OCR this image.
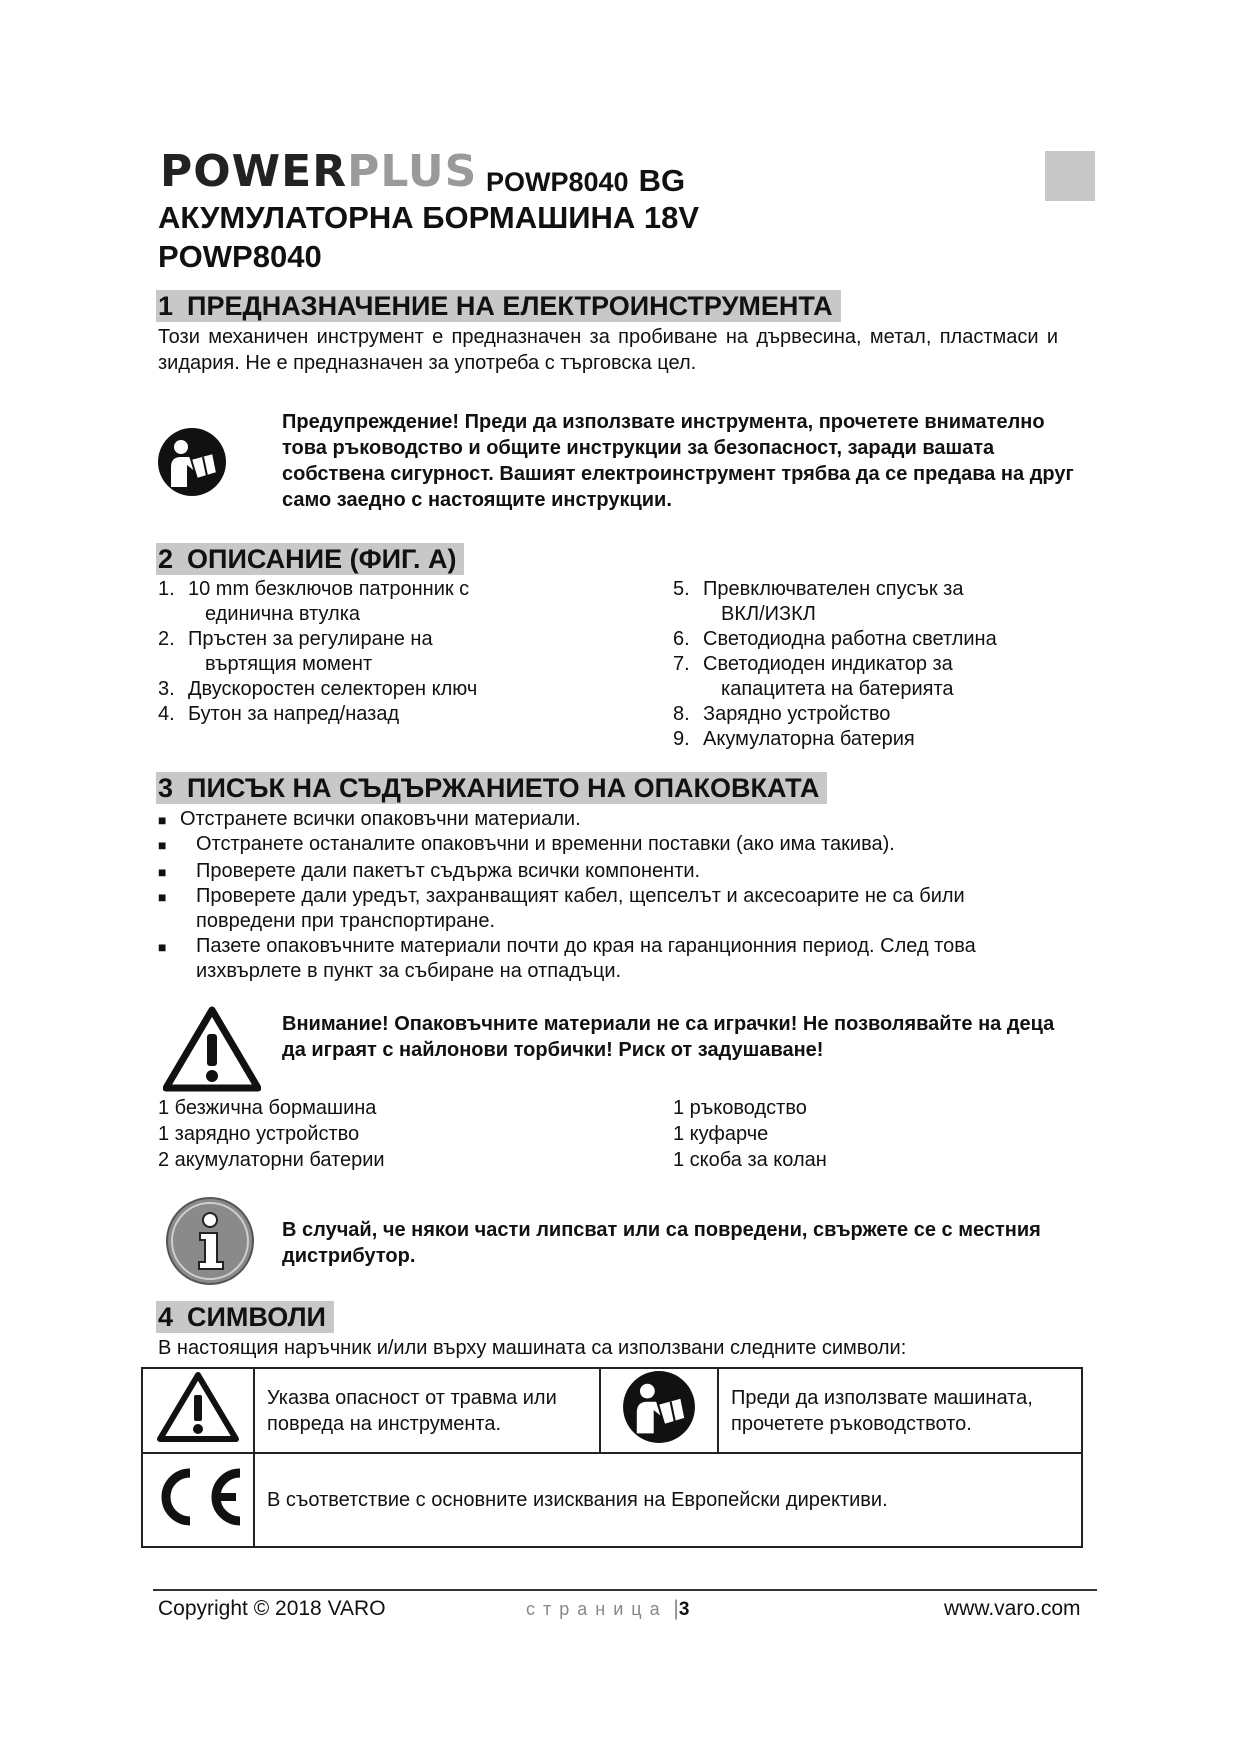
POWERPLUS POWP8040 BG
АКУМУЛАТОРНА БОРМАШИНА 18V
POWP8040
1 ПРЕДНАЗНАЧЕНИЕ НА ЕЛЕКТРОИНСТРУМЕНТА
Този механичен инструмент е предназначен за пробиване на дървесина, метал, пластмаси и зидария. Не е предназначен за употреба с търговска цел.
Предупреждение! Преди да използвате инструмента, прочетете внимателно това ръководство и общите инструкции за безопасност, заради вашата собствена сигурност. Вашият електроинструмент трябва да се предава на друг само заедно с настоящите инструкции.
2 ОПИСАНИЕ (ФИГ. A)
1. 10 mm безключов патронник с
единична втулка
2. Пръстен за регулиране на
въртящия момент
3. Двускоростен селекторен ключ
4. Бутон за напред/назад
5. Превключвателен спусък за
ВКЛ/ИЗКЛ
6. Светодиодна работна светлина
7. Светодиоден индикатор за
капацитета на батерията
8. Зарядно устройство
9. Акумулаторна батерия
3 ПИСЪК НА СЪДЪРЖАНИЕТО НА ОПАКОВКАТА
■ Отстранете всички опаковъчни материали.
■	Отстранете останалите опаковъчни и временни поставки (ако има такива).
■	Проверете дали пакетът съдържа всички компоненти.
■	Проверете дали уредът, захранващият кабел, щепселът и аксесоарите не са били повредени при транспортиране.
■	Пазете опаковъчните материали почти до края на гаранционния период. След това изхвърлете в пункт за събиране на отпадъци.
Внимание! Опаковъчните материали не са играчки! Не позволявайте на деца да играят с найлонови торбички! Риск от задушаване!
1 безжична бормашина
1 зарядно устройство
2 акумулаторни батерии
1 ръководство
1 куфарче
1 скоба за колан
В случай, че някои части липсват или са повредени, свържете се с местния дистрибутор.
4 СИМВОЛИ
В настоящия наръчник и/или върху машината са използвани следните символи:
	Указва опасност от травма или повреда на инструмента.		Преди да използвате машината, прочетете ръководството.
	В съответствие с основните изисквания на Европейски директиви.		
Copyright © 2018 VARO	страница |3	www.varo.com
